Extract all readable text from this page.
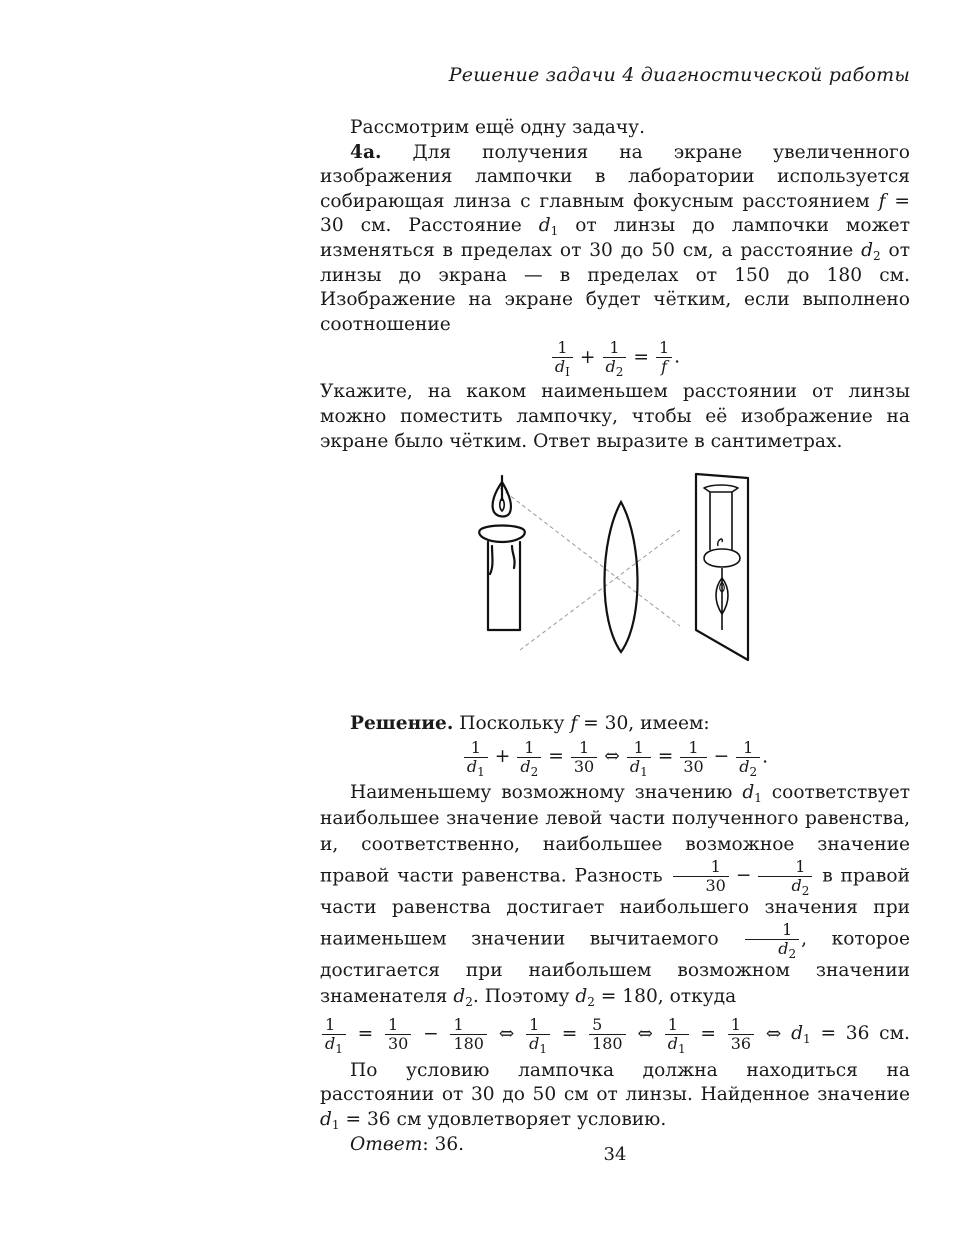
Решение задачи 4 диагностической работы

Рассмотрим ещё одну задачу.

4а. Для получения на экране увеличенного изображения лампочки в лаборатории используется собирающая линза с главным фокусным расстоянием f = 30 см. Расстояние $d_1$ от линзы до лампочки может изменяться в пределах от 30 до 50 см, а расстояние $d_2$ от линзы до экрана — в пределах от 150 до 180 см. Изображение на экране будет чётким, если выполнено соотношение

$\frac{1}{d_I} + \frac{1}{d_2} = \frac{1}{f}$ .

Укажите, на каком наименьшем расстоянии от линзы можно поместить лампочку, чтобы её изображение на экране было чётким. Ответ выразите в сантиметрах.

Решение. Поскольку f = 30, имеем:

$\frac{1}{d_1} + \frac{1}{d_2} = \frac{1}{30}$ ⇔ $\frac{1}{d_1} = \frac{1}{30} - \frac{1}{d_2}$ .

Наименьшему возможному значению $d_1$ соответствует наибольшее значение левой части полученного равенства, и, соответственно, наибольшее возможное значение правой части равенства. Разность $\frac{1}{30} - \frac{1}{d_2}$ в правой части равенства достигает наибольшего значения при наименьшем значении вычитаемого $\frac{1}{d_2}$ , которое достигается при наибольшем возможном значении знаменателя $d_2$. Поэтому $d_2 = 180$, откуда

$\frac{1}{d_1} = \frac{1}{30} - \frac{1}{180}$ ⇔ $\frac{1}{d_1} = \frac{5}{180}$ ⇔ $\frac{1}{d_1} = \frac{1}{36}$ ⇔ $d_1 = 36$ см.

По условию лампочка должна находиться на расстоянии от 30 до 50 см от линзы. Найденное значение $d_1 = 36$ см удовлетворяет условию.

Ответ: 36.	34
